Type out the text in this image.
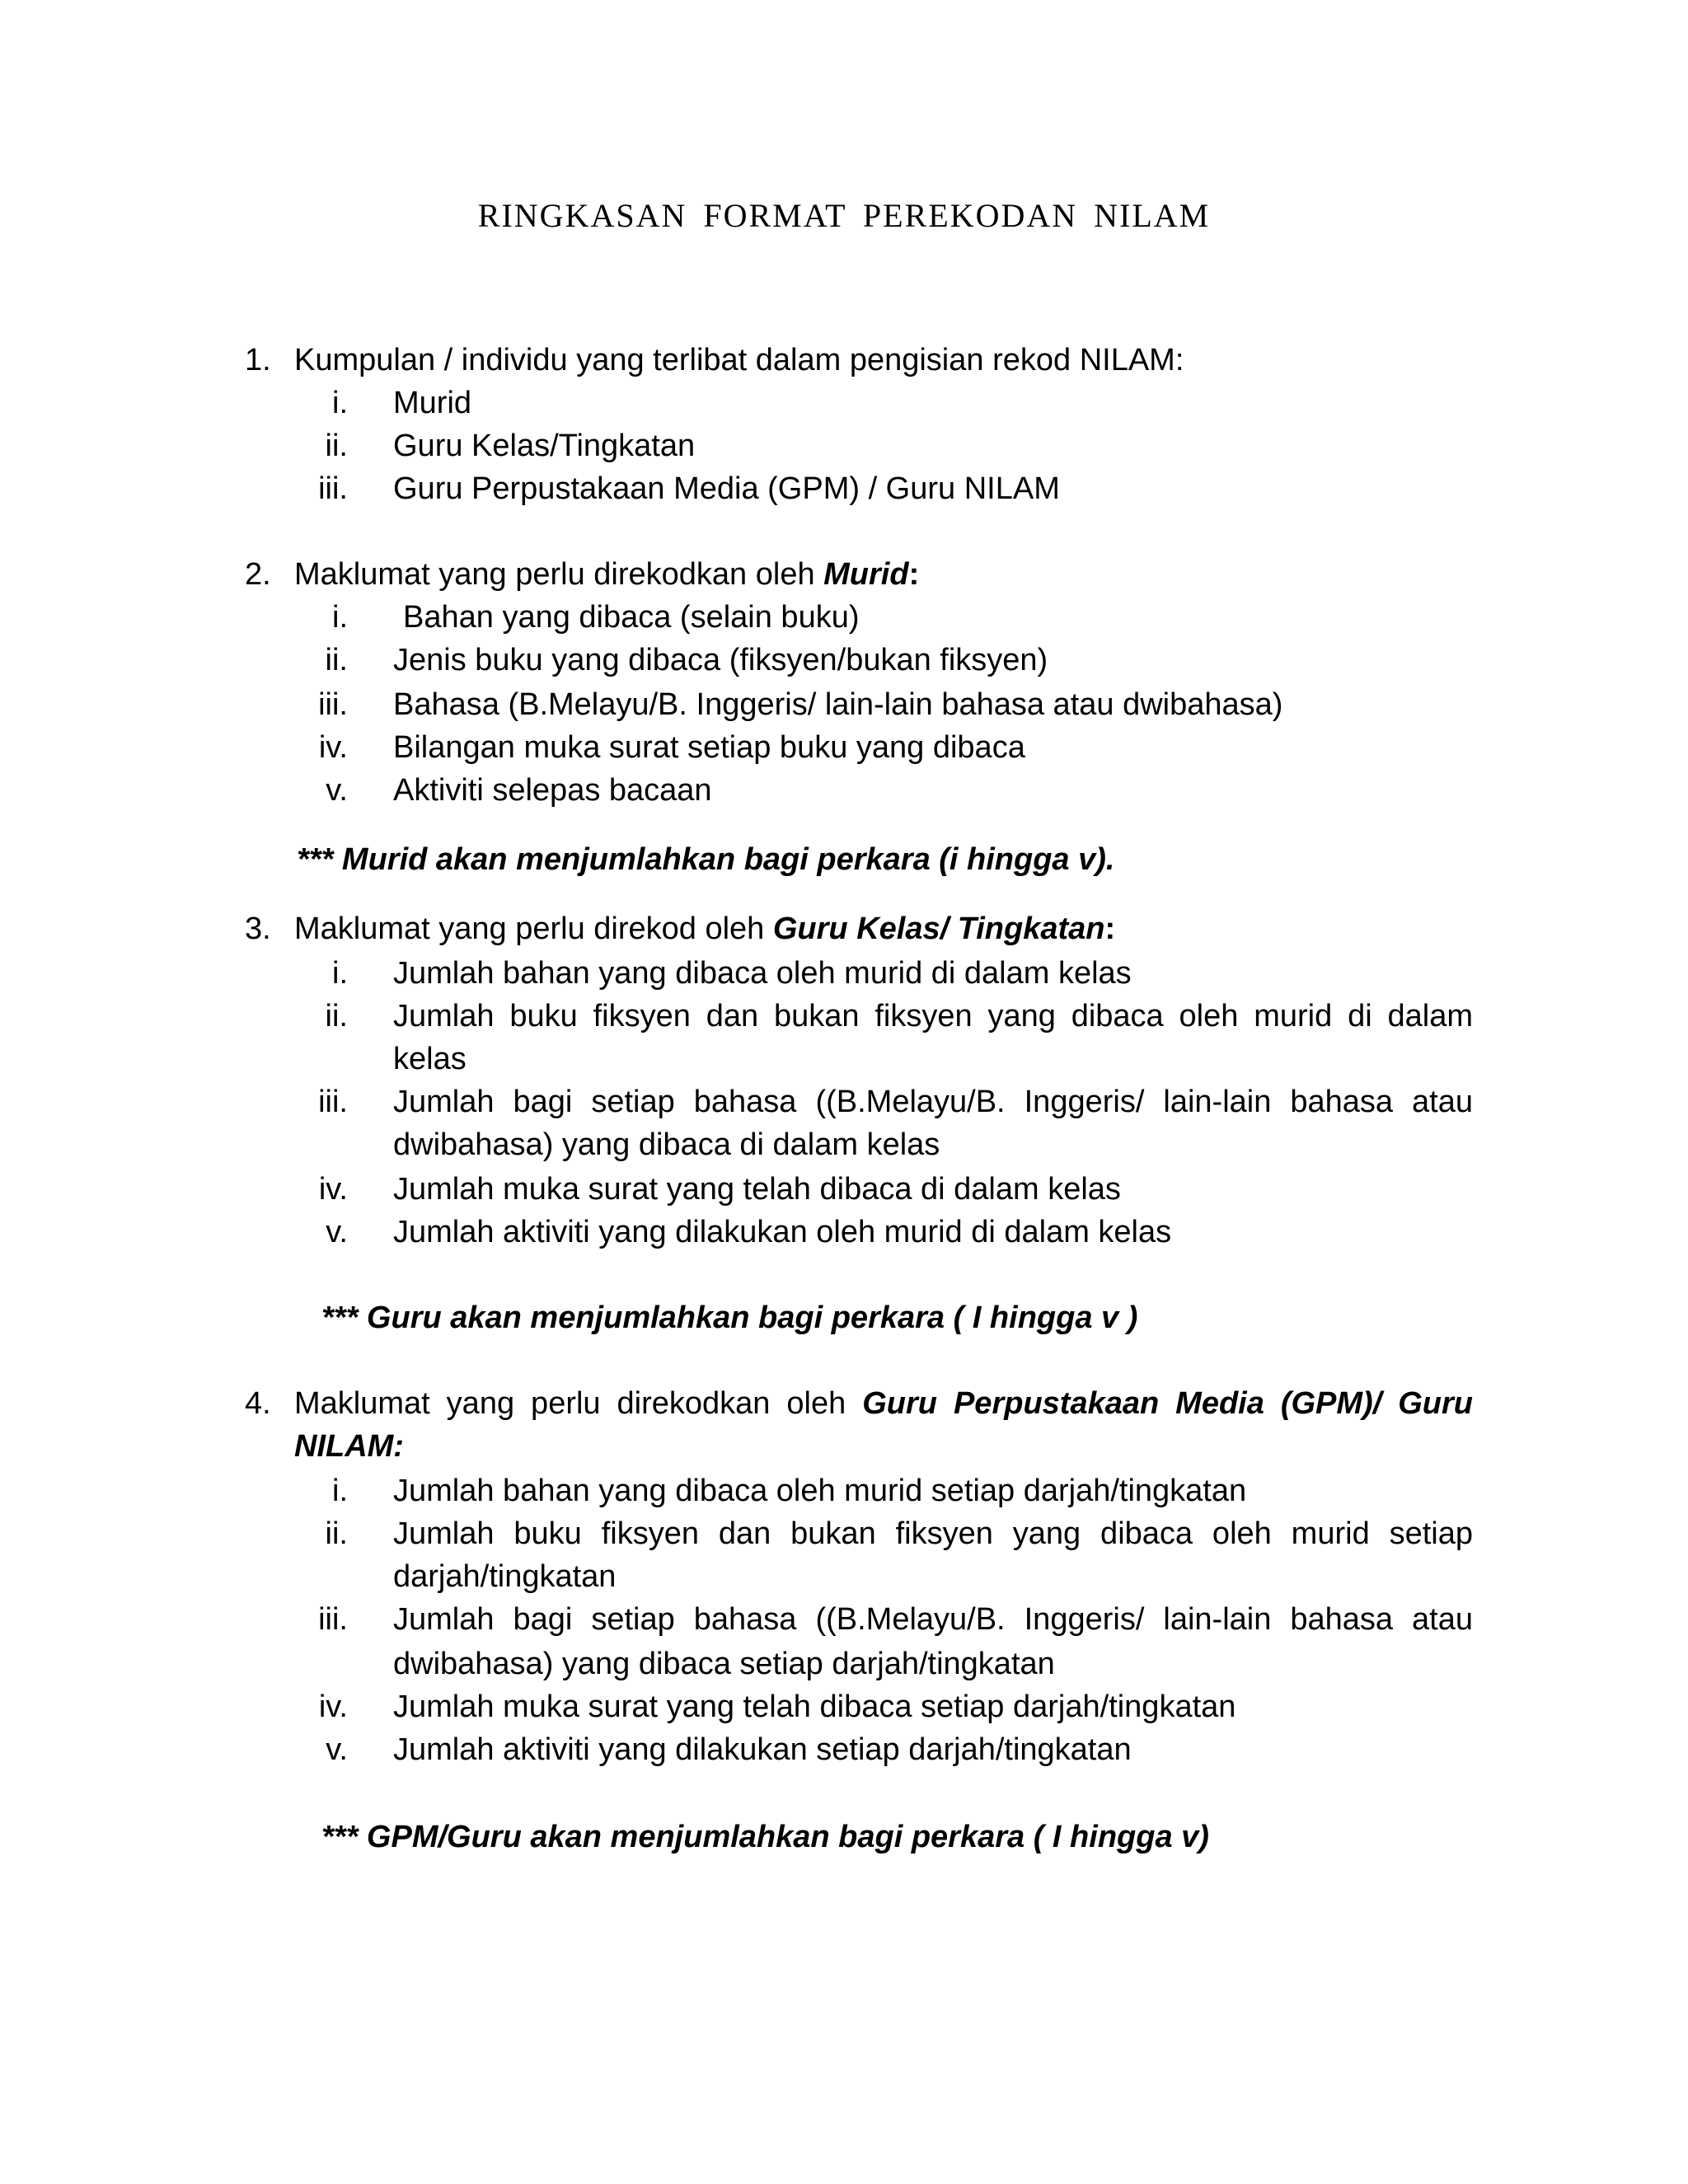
RINGKASAN FORMAT PEREKODAN NILAM
1. Kumpulan / individu yang terlibat dalam pengisian rekod NILAM:
i. Murid
ii. Guru Kelas/Tingkatan
iii. Guru Perpustakaan Media (GPM) / Guru NILAM
2. Maklumat yang perlu direkodkan oleh Murid:
i. Bahan yang dibaca (selain buku)
ii. Jenis buku yang dibaca (fiksyen/bukan fiksyen)
iii. Bahasa (B.Melayu/B. Inggeris/ lain-lain bahasa atau dwibahasa)
iv. Bilangan muka surat setiap buku yang dibaca
v. Aktiviti selepas bacaan
*** Murid akan menjumlahkan bagi perkara (i hingga v).
3. Maklumat yang perlu direkod oleh Guru Kelas/ Tingkatan:
i. Jumlah bahan yang dibaca oleh murid di dalam kelas
ii. Jumlah buku fiksyen dan bukan fiksyen yang dibaca oleh murid di dalam
kelas
iii. Jumlah bagi setiap bahasa ((B.Melayu/B. Inggeris/ lain-lain bahasa atau
dwibahasa) yang dibaca di dalam kelas
iv. Jumlah muka surat yang telah dibaca di dalam kelas
v. Jumlah aktiviti yang dilakukan oleh murid di dalam kelas
*** Guru akan menjumlahkan bagi perkara ( I hingga v )
4. Maklumat yang perlu direkodkan oleh Guru Perpustakaan Media (GPM)/ Guru
NILAM:
i. Jumlah bahan yang dibaca oleh murid setiap darjah/tingkatan
ii. Jumlah buku fiksyen dan bukan fiksyen yang dibaca oleh murid setiap
darjah/tingkatan
iii. Jumlah bagi setiap bahasa ((B.Melayu/B. Inggeris/ lain-lain bahasa atau
dwibahasa) yang dibaca setiap darjah/tingkatan
iv. Jumlah muka surat yang telah dibaca setiap darjah/tingkatan
v. Jumlah aktiviti yang dilakukan setiap darjah/tingkatan
*** GPM/Guru akan menjumlahkan bagi perkara ( I hingga v)
